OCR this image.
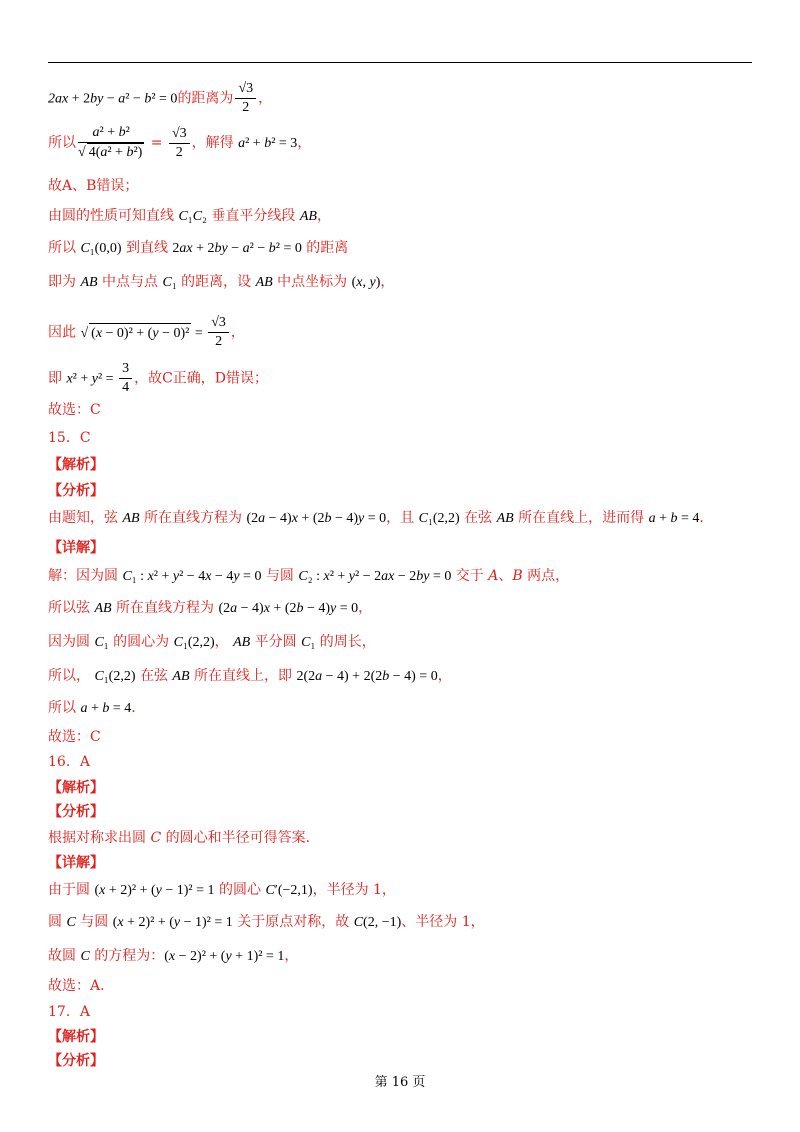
2ax + 2by − a² − b² = 0的距离为 $\frac{√3}{2}$ ，
所以 $\frac{\text{a² + b²}}{\text{√ 4(a² + b²)}} = \frac{√3}{2}$ ，解得 a² + b² = 3，
故A、B错误；
由圆的性质可知直线 C₁C₂ 垂直平分线段 AB，
所以 C₁(0,0) 到直线 2ax + 2by − a² − b² = 0 的距离
即为 AB 中点与点 C₁ 的距离，设 AB 中点坐标为 (x, y)，
因此 √ $(x - 0)^2 + (y - 0)^2 = \frac{√3}{2}$ ，
即 $x^2 + y^2 = \frac{3}{4}$ ，故C正确，D错误；
故选：C
15．C
【解析】
【分析】
由题知，弦 AB 所在直线方程为 (2a − 4)x + (2b − 4)y = 0，且 C₁(2,2) 在弦 AB 所在直线上，进而得 a + b = 4.
【详解】
解：因为圆 C₁ : x² + y² − 4x − 4y = 0 与圆 C₂ : x² + y² − 2ax − 2by = 0 交于 A、B 两点，
所以弦 AB 所在直线方程为 (2a − 4)x + (2b − 4)y = 0，
因为圆 C₁ 的圆心为 C₁(2,2)， AB 平分圆 C₁ 的周长，
所以， C₁(2,2) 在弦 AB 所在直线上，即 2(2a − 4) + 2(2b − 4) = 0，
所以 a + b = 4.
故选：C
16．A
【解析】
【分析】
根据对称求出圆 C 的圆心和半径可得答案.
【详解】
由于圆 (x + 2)² + (y − 1)² = 1 的圆心 C′(−2,1)，半径为 1，
圆 C 与圆 (x + 2)² + (y − 1)² = 1 关于原点对称，故 C(2, −1)、半径为 1，
故圆 C 的方程为：(x − 2)² + (y + 1)² = 1，
故选：A.
17．A
【解析】
【分析】
第 16 页
